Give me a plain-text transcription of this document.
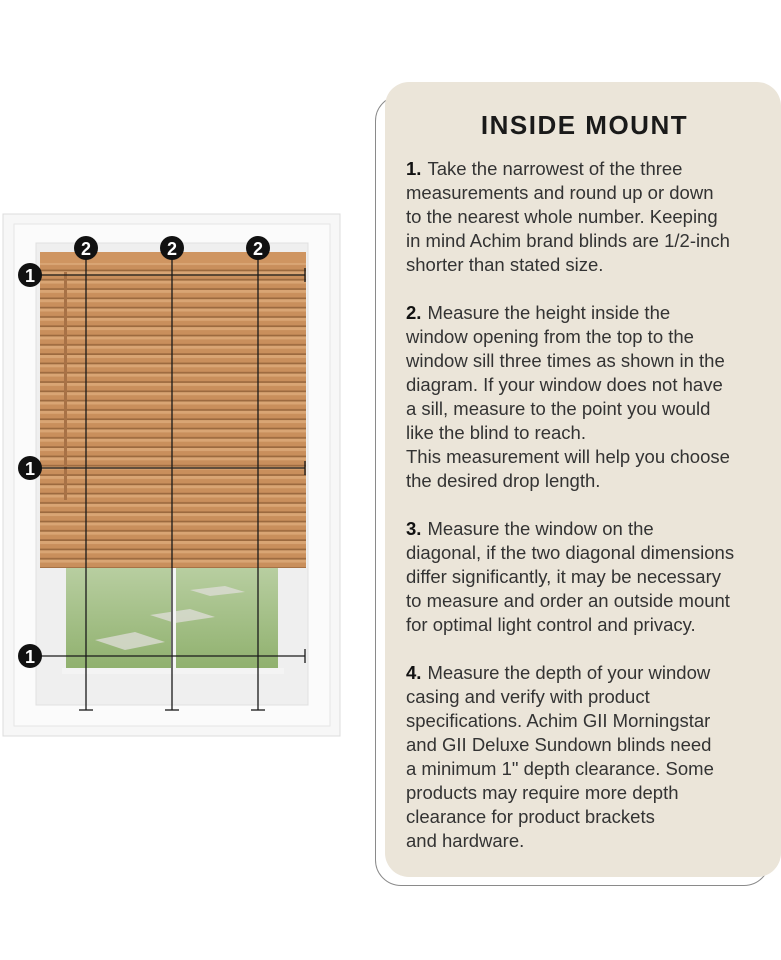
2	2	2
1
1
1
INSIDE MOUNT
1. Take the narrowest of the three
measurements and round up or down
to the nearest whole number. Keeping
in mind Achim brand blinds are 1/2-inch
shorter than stated size.
2. Measure the height inside the
window opening from the top to the
window sill three times as shown in the
diagram. If your window does not have
a sill, measure to the point you would
like the blind to reach.
This measurement will help you choose
the desired drop length.
3. Measure the window on the
diagonal, if the two diagonal dimensions
differ significantly, it may be necessary
to measure and order an outside mount
for optimal light control and privacy.
4. Measure the depth of your window
casing and verify with product
specifications. Achim GII Morningstar
and GII Deluxe Sundown blinds need
a minimum 1" depth clearance. Some
products may require more depth
clearance for product brackets
and hardware.
